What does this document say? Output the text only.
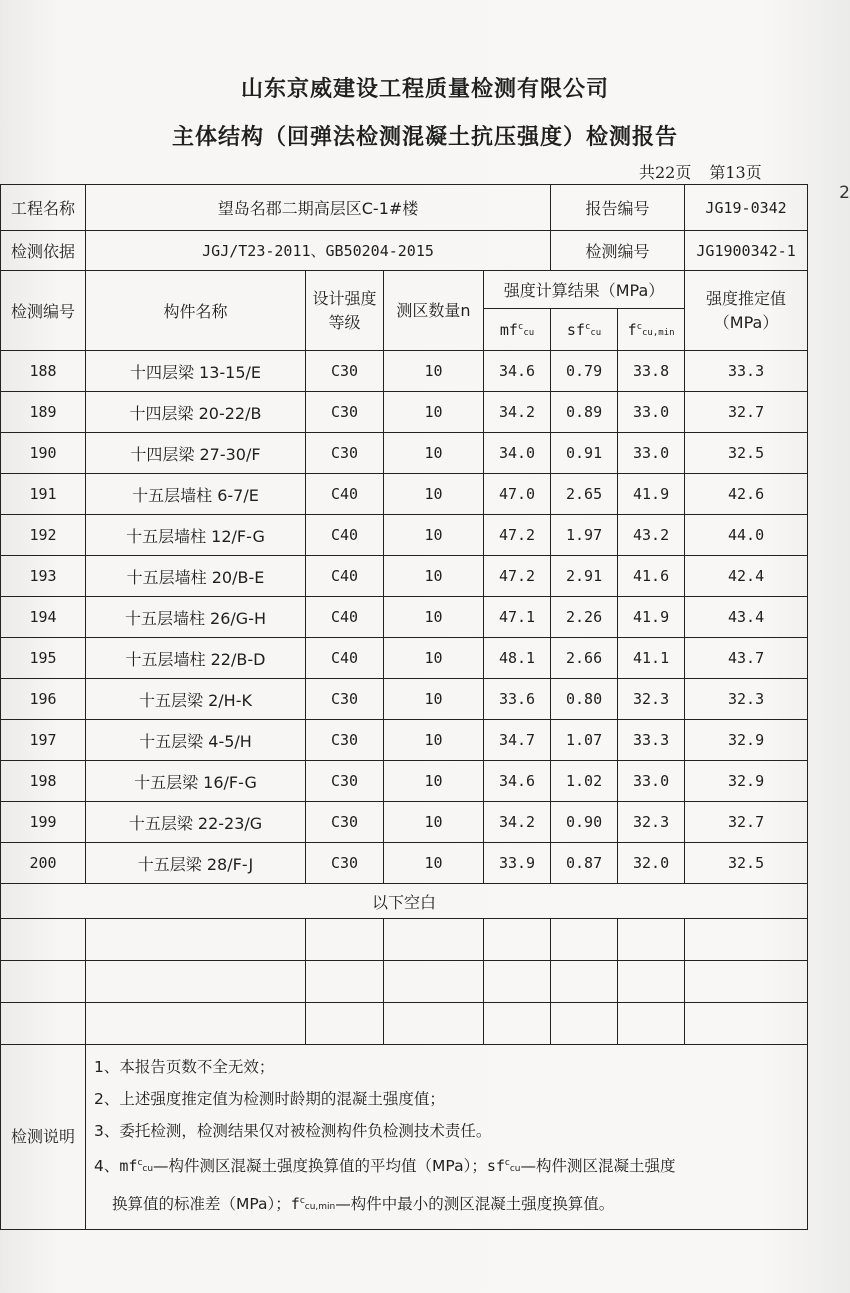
2
山东京威建设工程质量检测有限公司
主体结构（回弹法检测混凝土抗压强度）检测报告
共22页 第13页
工程名称	望岛名郡二期高层区C-1#楼				报告编号		JG19-0342
检测依据	JGJ/T23-2011、GB50204-2015				检测编号		JG1900342-1
检测编号	构件名称	设计强度等级	测区数量n	强度计算结果（MPa）			强度推定值（MPa）
				$mf^ccu$	$sf^ccu$	$f^ccu,\min$	
188	十四层梁 13-15/E	C30	10	34.6	0.79	33.8	33.3
189	十四层梁 20-22/B	C30	10	34.2	0.89	33.0	32.7
190	十四层梁 27-30/F	C30	10	34.0	0.91	33.0	32.5
191	十五层墙柱 6-7/E	C40	10	47.0	2.65	41.9	42.6
192	十五层墙柱 12/F-G	C40	10	47.2	1.97	43.2	44.0
193	十五层墙柱 20/B-E	C40	10	47.2	2.91	41.6	42.4
194	十五层墙柱 26/G-H	C40	10	47.1	2.26	41.9	43.4
195	十五层墙柱 22/B-D	C40	10	48.1	2.66	41.1	43.7
196	十五层梁 2/H-K	C30	10	33.6	0.80	32.3	32.3
197	十五层梁 4-5/H	C30	10	34.7	1.07	33.3	32.9
198	十五层梁 16/F-G	C30	10	34.6	1.02	33.0	32.9
199	十五层梁 22-23/G	C30	10	34.2	0.90	32.3	32.7
200	十五层梁 28/F-J	C30	10	33.9	0.87	32.0	32.5
以下空白							

检测说明	1、本报告页数不全无效；
2、上述强度推定值为检测时龄期的混凝土强度值；
3、委托检测，检测结果仅对被检测构件负检测技术责任。
4、$mf^ccu—$构件测区混凝土强度换算值的平均值（MPa）；$sf^ccu—$构件测区混凝土强度
换算值的标准差（MPa）；$f^ccu,\min—$构件中最小的测区混凝土强度换算值。						
